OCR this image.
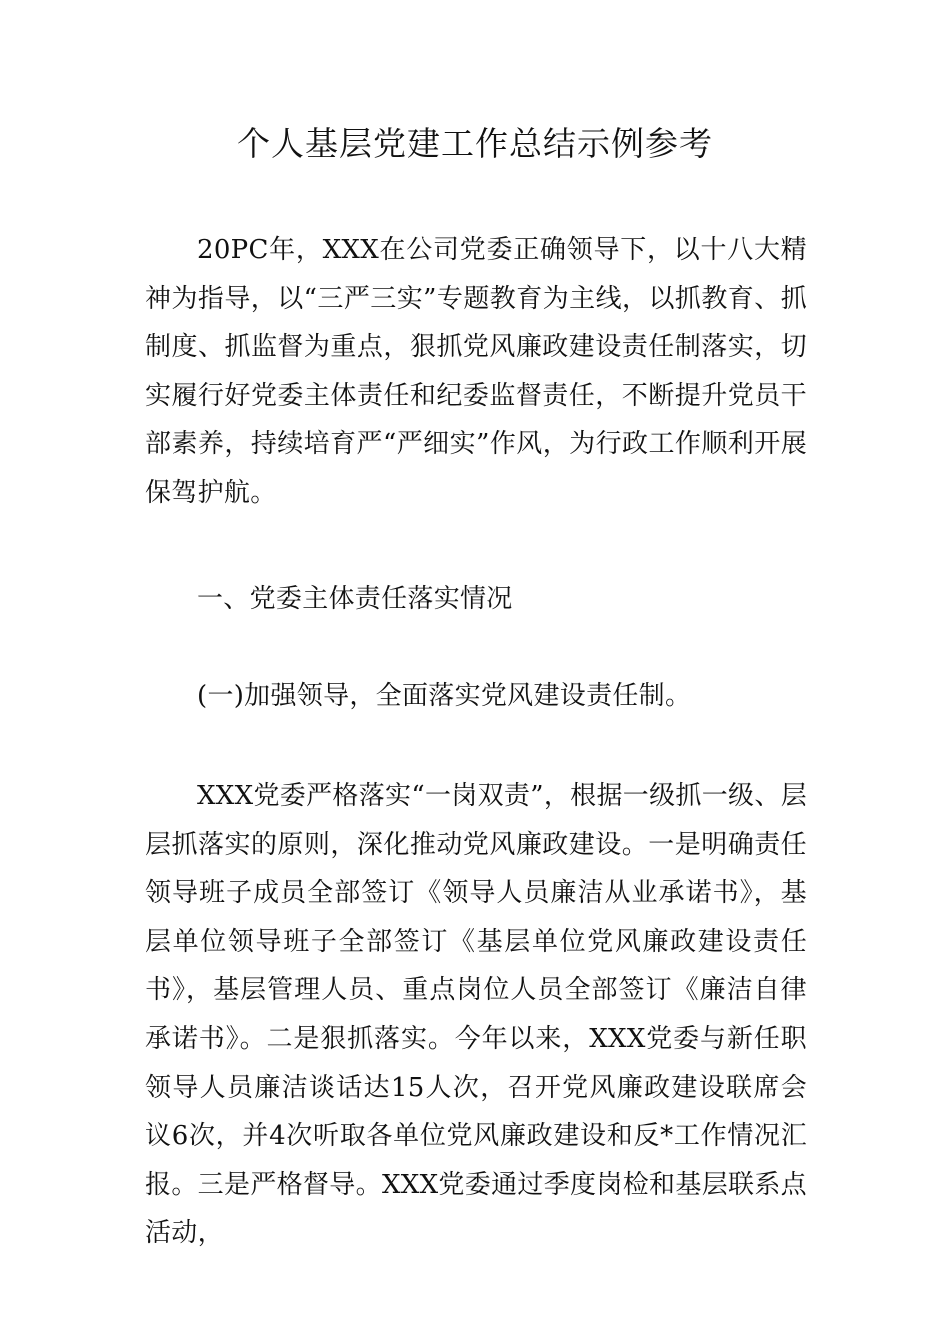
个人基层党建工作总结示例参考

20PC年，XXX在公司党委正确领导下，以十八大精神为指导，以“三严三实”专题教育为主线，以抓教育、抓制度、抓监督为重点，狠抓党风廉政建设责任制落实，切实履行好党委主体责任和纪委监督责任，不断提升党员干部素养，持续培育严“严细实”作风，为行政工作顺利开展保驾护航。

一、党委主体责任落实情况

(一)加强领导，全面落实党风建设责任制。

XXX党委严格落实“一岗双责”，根据一级抓一级、层层抓落实的原则，深化推动党风廉政建设。一是明确责任领导班子成员全部签订《领导人员廉洁从业承诺书》，基层单位领导班子全部签订《基层单位党风廉政建设责任书》，基层管理人员、重点岗位人员全部签订《廉洁自律承诺书》。二是狠抓落实。今年以来，XXX党委与新任职领导人员廉洁谈话达15人次，召开党风廉政建设联席会议6次，并4次听取各单位党风廉政建设和反*工作情况汇报。三是严格督导。XXX党委通过季度岗检和基层联系点活动，
